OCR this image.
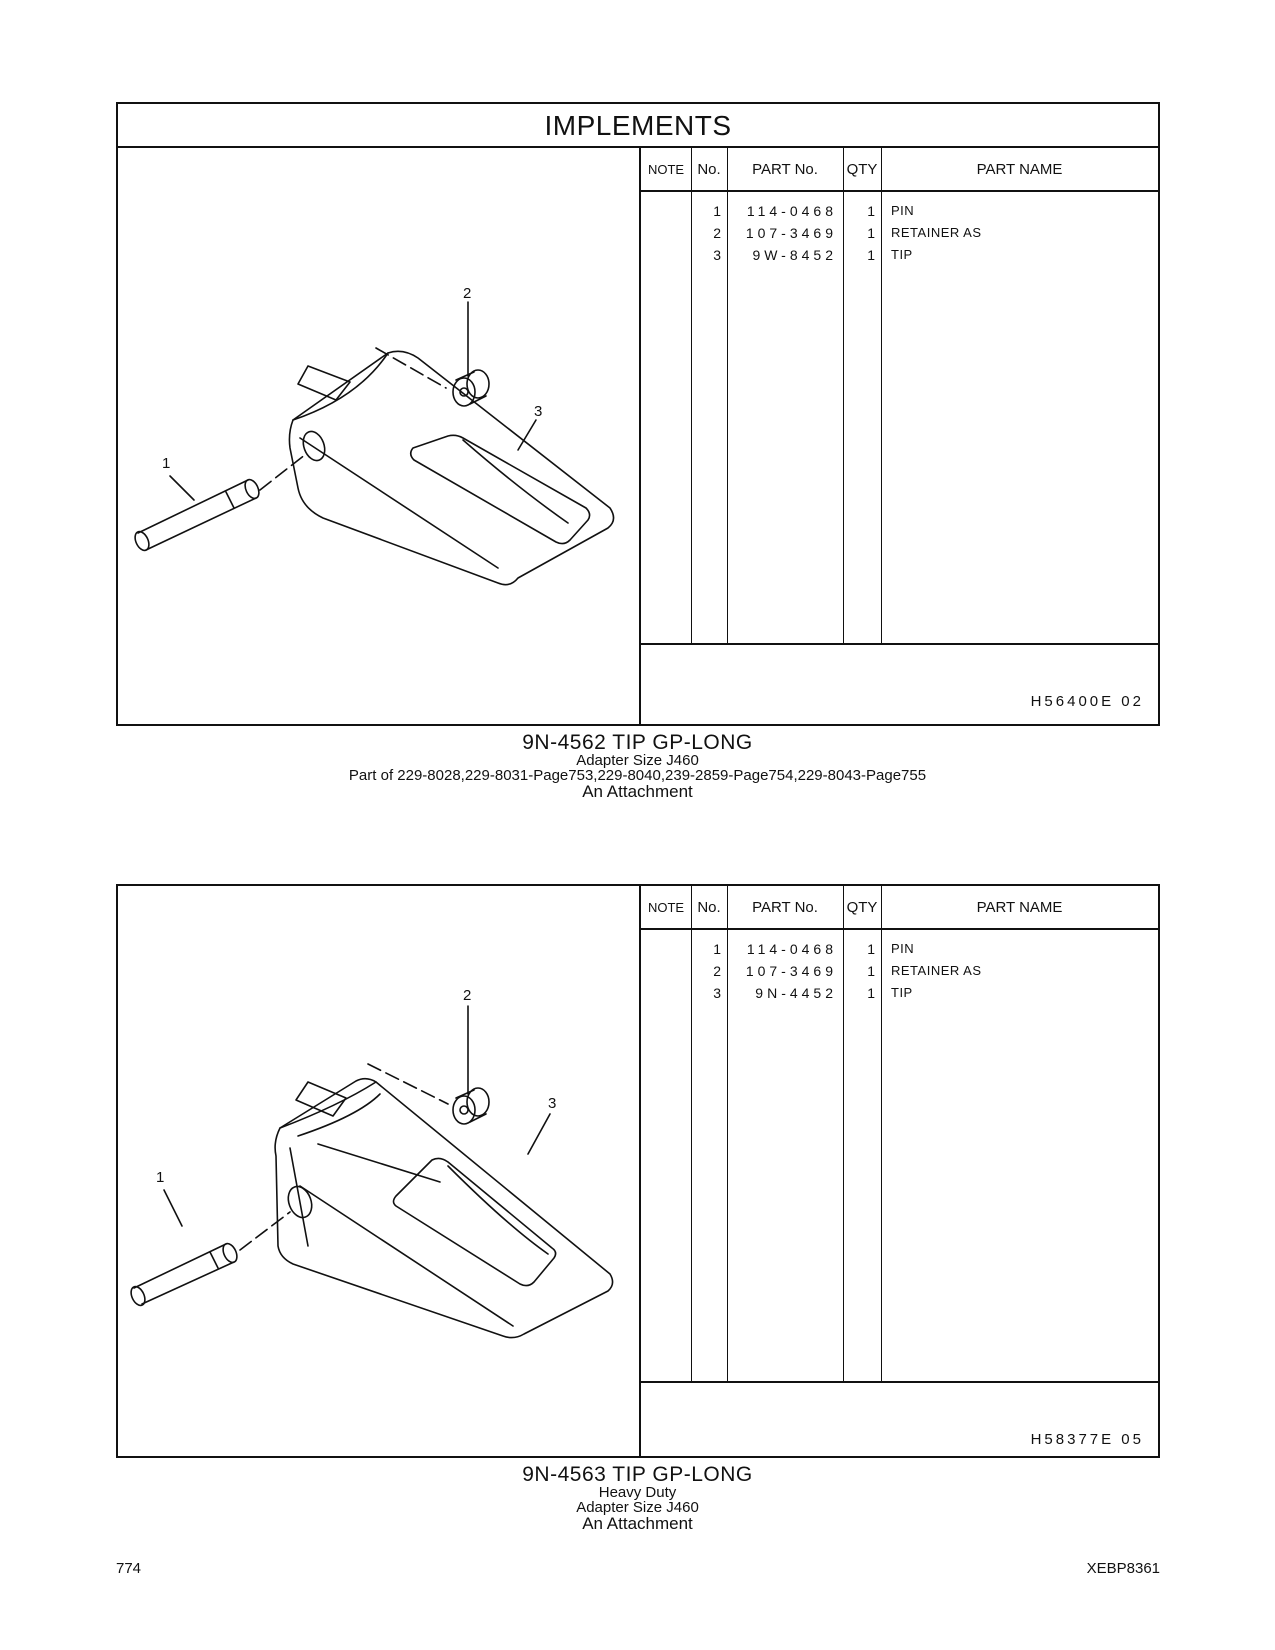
IMPLEMENTS
1
2
3
NOTE No.	PART No.	QTY	PART NAME
1	114-0468	1 PIN
2	107-3469	1 RETAINER AS
3	9W-8452	1 TIP
H56400E 02
9N-4562 TIP GP-LONG
Adapter Size J460
Part of 229-8028,229-8031-Page753,229-8040,239-2859-Page754,229-8043-Page755
An Attachment
1
2
3
NOTE No.	PART No.	QTY	PART NAME
1	114-0468	1 PIN
2	107-3469	1 RETAINER AS
3	9N-4452	1 TIP
H58377E 05
9N-4563 TIP GP-LONG
Heavy Duty
Adapter Size J460
An Attachment
774	XEBP8361
